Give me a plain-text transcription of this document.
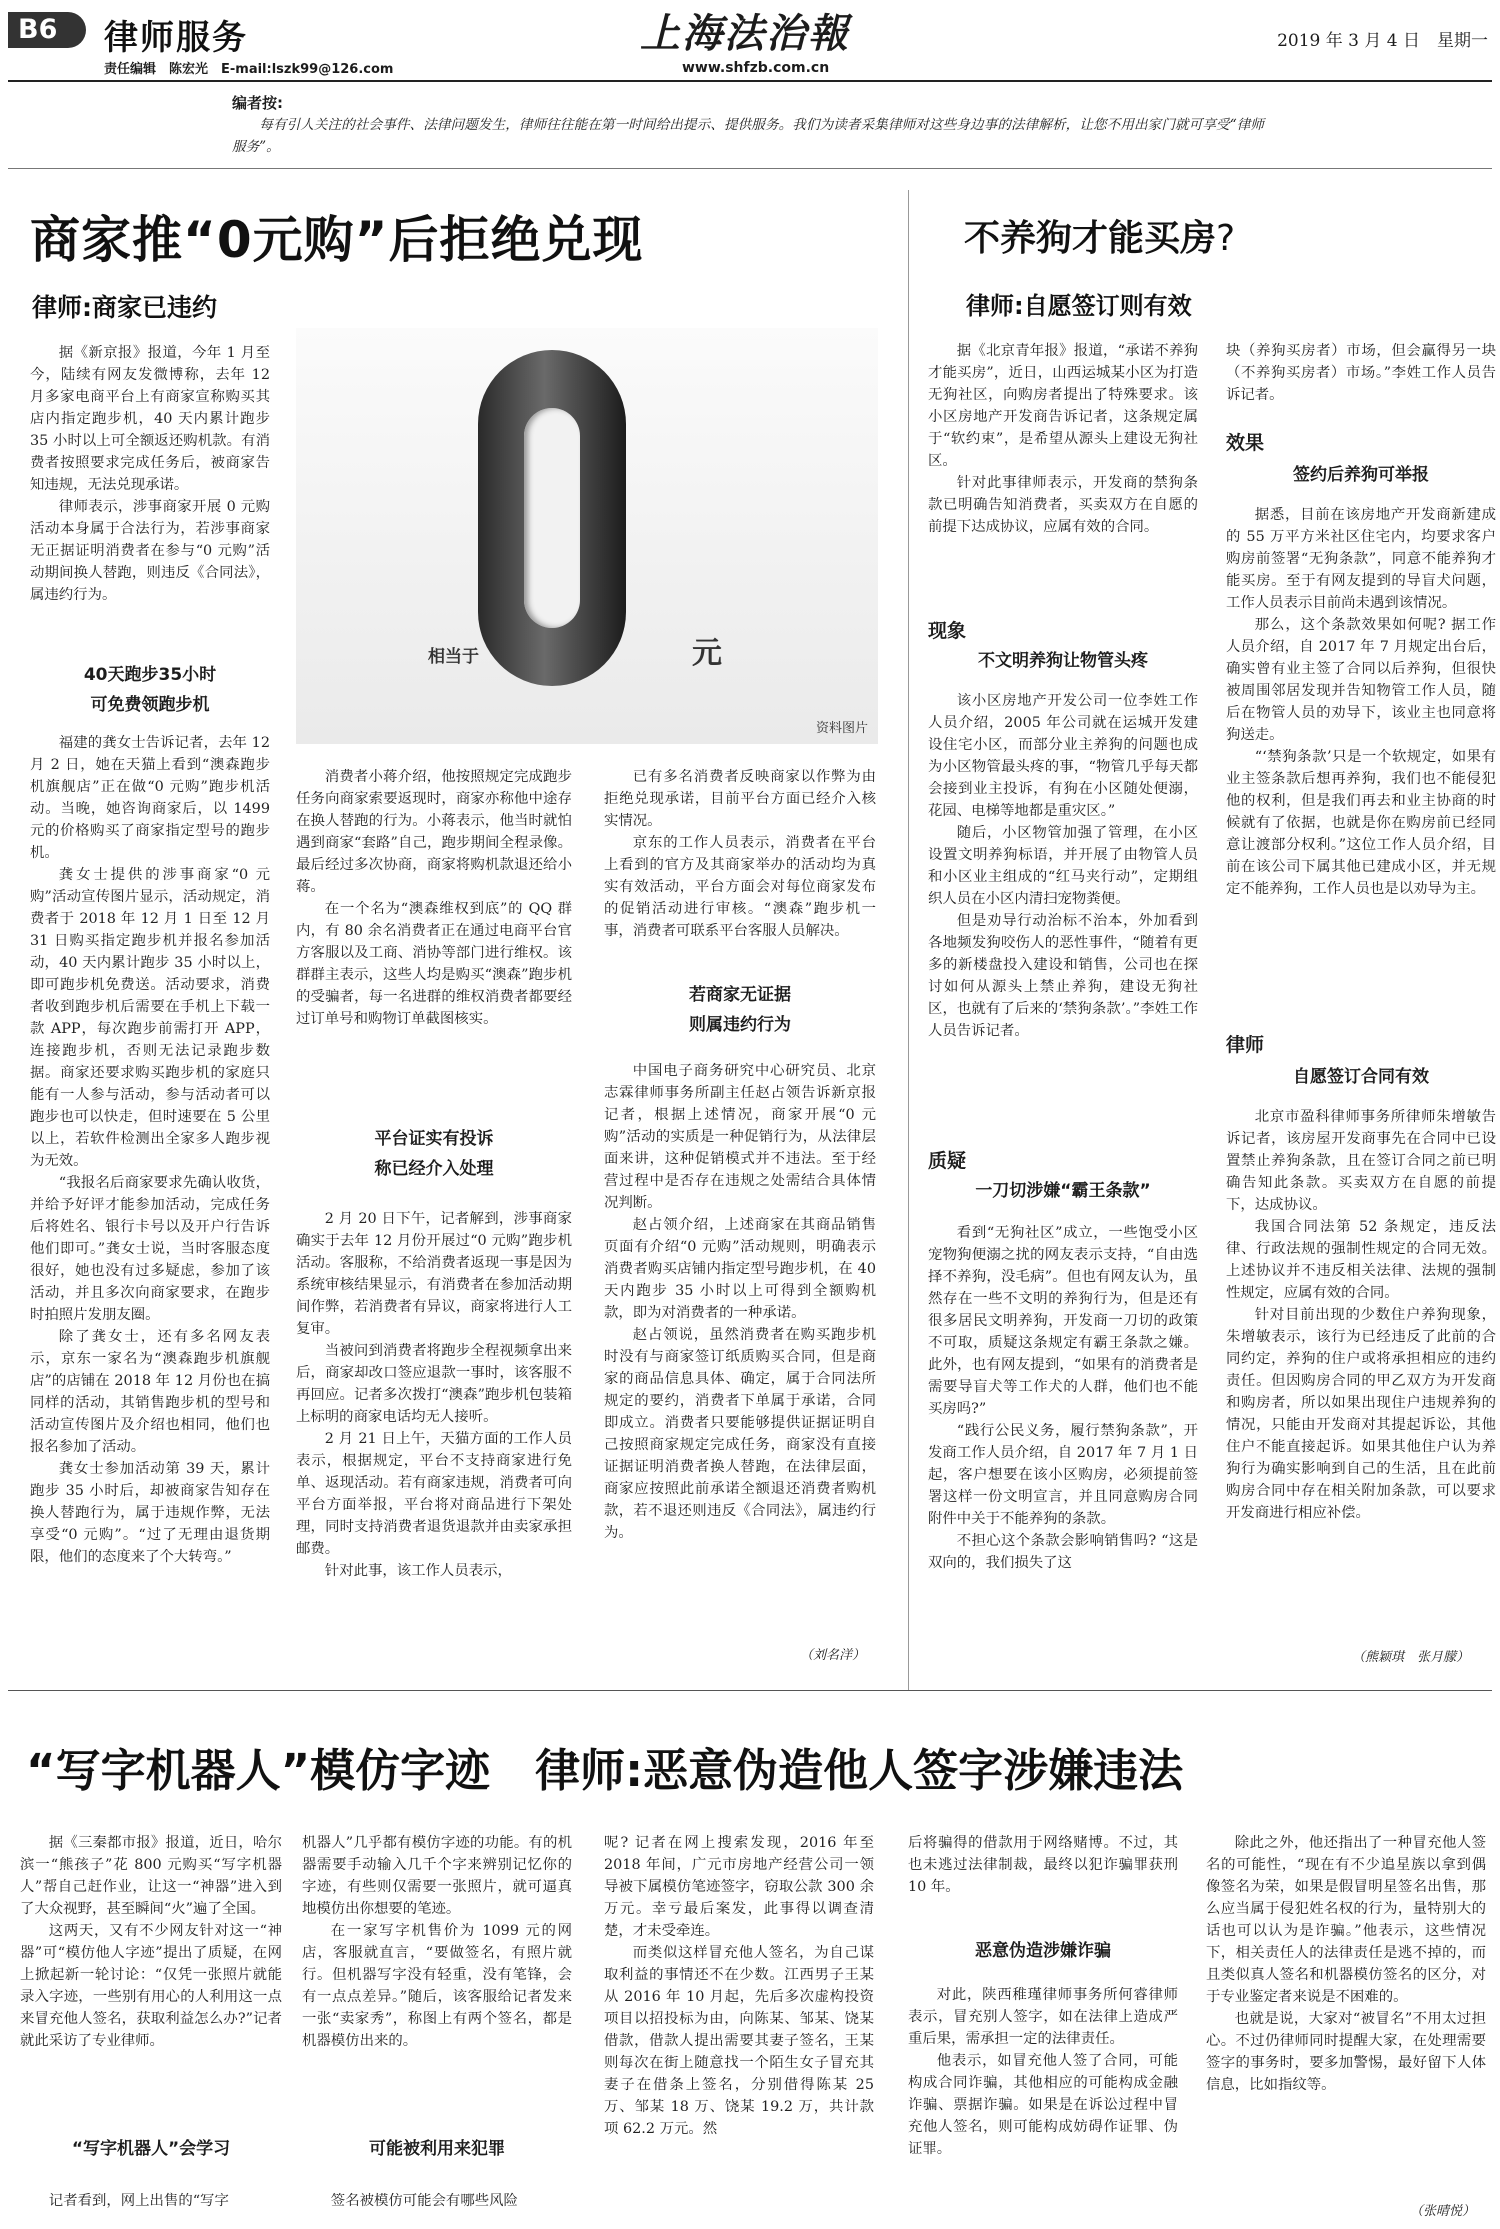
B6 律师服务
责任编辑　陈宏光　E-mail:lszk99@126.com
上海法治報
www.shfzb.com.cn
2019 年 3 月 4 日　星期一
编者按:
每有引人关注的社会事件、法律问题发生，律师往往能在第一时间给出提示、提供服务。我们为读者采集律师对这些身边事的法律解析，让您不用出家门就可享受“律师服务”。
商家推“0元购”后拒绝兑现
律师:商家已违约

据《新京报》报道，今年 1 月至今，陆续有网友发微博称，去年 12 月多家电商平台上有商家宣称购买其店内指定跑步机，40 天内累计跑步 35 小时以上可全额返还购机款。有消费者按照要求完成任务后，被商家告知违规，无法兑现承诺。

律师表示，涉事商家开展 0 元购活动本身属于合法行为，若涉事商家无正据证明消费者在参与“0 元购”活动期间换人替跑，则违反《合同法》，属违约行为。

40天跑步35小时
可免费领跑步机

福建的龚女士告诉记者，去年 12 月 2 日，她在天猫上看到“澳森跑步机旗舰店”正在做“0 元购”跑步机活动。当晚，她咨询商家后，以 1499 元的价格购买了商家指定型号的跑步机。

龚女士提供的涉事商家“0 元购”活动宣传图片显示，活动规定，消费者于 2018 年 12 月 1 日至 12 月 31 日购买指定跑步机并报名参加活动，40 天内累计跑步 35 小时以上，即可跑步机免费送。活动要求，消费者收到跑步机后需要在手机上下载一款 APP，每次跑步前需打开 APP，连接跑步机，否则无法记录跑步数据。商家还要求购买跑步机的家庭只能有一人参与活动，参与活动者可以跑步也可以快走，但时速要在 5 公里以上，若软件检测出全家多人跑步视为无效。

“我报名后商家要求先确认收货，并给予好评才能参加活动，完成任务后将姓名、银行卡号以及开户行告诉他们即可。”龚女士说，当时客服态度很好，她也没有过多疑虑，参加了该活动，并且多次向商家要求，在跑步时拍照片发朋友圈。

除了龚女士，还有多名网友表示，京东一家名为“澳森跑步机旗舰店”的店铺在 2018 年 12 月份也在搞同样的活动，其销售跑步机的型号和活动宣传图片及介绍也相同，他们也报名参加了活动。

龚女士参加活动第 39 天，累计跑步 35 小时后，却被商家告知存在换人替跑行为，属于违规作弊，无法享受“0 元购”。“过了无理由退货期限，他们的态度来了个大转弯。”

相当于	元
资料图片

消费者小蒋介绍，他按照规定完成跑步任务向商家索要返现时，商家亦称他中途存在换人替跑的行为。小蒋表示，他当时就怕遇到商家“套路”自己，跑步期间全程录像。最后经过多次协商，商家将购机款退还给小蒋。

在一个名为“澳森维权到底”的 QQ 群内，有 80 余名消费者正在通过电商平台官方客服以及工商、消协等部门进行维权。该群群主表示，这些人均是购买“澳森”跑步机的受骗者，每一名进群的维权消费者都要经过订单号和购物订单截图核实。

平台证实有投诉
称已经介入处理

2 月 20 日下午，记者解到，涉事商家确实于去年 12 月份开展过“0 元购”跑步机活动。客服称，不给消费者返现一事是因为系统审核结果显示，有消费者在参加活动期间作弊，若消费者有异议，商家将进行人工复审。

当被问到消费者将跑步全程视频拿出来后，商家却改口签应退款一事时，该客服不再回应。记者多次拨打“澳森”跑步机包装箱上标明的商家电话均无人接听。

2 月 21 日上午，天猫方面的工作人员表示，根据规定，平台不支持商家进行免单、返现活动。若有商家违规，消费者可向平台方面举报，平台将对商品进行下架处理，同时支持消费者退货退款并由卖家承担邮费。

针对此事，该工作人员表示，

已有多名消费者反映商家以作弊为由拒绝兑现承诺，目前平台方面已经介入核实情况。

京东的工作人员表示，消费者在平台上看到的官方及其商家举办的活动均为真实有效活动，平台方面会对每位商家发布的促销活动进行审核。“澳森”跑步机一事，消费者可联系平台客服人员解决。

若商家无证据
则属违约行为

中国电子商务研究中心研究员、北京志霖律师事务所副主任赵占领告诉新京报记者，根据上述情况，商家开展“0 元购”活动的实质是一种促销行为，从法律层面来讲，这种促销模式并不违法。至于经营过程中是否存在违规之处需结合具体情况判断。

赵占领介绍，上述商家在其商品销售页面有介绍“0 元购”活动规则，明确表示消费者购买店铺内指定型号跑步机，在 40 天内跑步 35 小时以上可得到全额购机款，即为对消费者的一种承诺。

赵占领说，虽然消费者在购买跑步机时没有与商家签订纸质购买合同，但是商家的商品信息具体、确定，属于合同法所规定的要约，消费者下单属于承诺，合同即成立。消费者只要能够提供证据证明自己按照商家规定完成任务，商家没有直接证据证明消费者换人替跑，在法律层面，商家应按照此前承诺全额退还消费者购机款，若不退还则违反《合同法》，属违约行为。

（刘名洋）
不养狗才能买房?
律师:自愿签订则有效

据《北京青年报》报道，“承诺不养狗才能买房”，近日，山西运城某小区为打造无狗社区，向购房者提出了特殊要求。该小区房地产开发商告诉记者，这条规定属于“软约束”，是希望从源头上建设无狗社区。

针对此事律师表示，开发商的禁狗条款已明确告知消费者，买卖双方在自愿的前提下达成协议，应属有效的合同。

现象
不文明养狗让物管头疼

该小区房地产开发公司一位李姓工作人员介绍，2005 年公司就在运城开发建设住宅小区，而部分业主养狗的问题也成为小区物管最头疼的事，“物管几乎每天都会接到业主投诉，有狗在小区随处便溺，花园、电梯等地都是重灾区。”

随后，小区物管加强了管理，在小区设置文明养狗标语，并开展了由物管人员和小区业主组成的“红马夹行动”，定期组织人员在小区内清扫宠物粪便。

但是劝导行动治标不治本，外加看到各地频发狗咬伤人的恶性事件，“随着有更多的新楼盘投入建设和销售，公司也在探讨如何从源头上禁止养狗，建设无狗社区，也就有了后来的‘禁狗条款’。”李姓工作人员告诉记者。

质疑
一刀切涉嫌“霸王条款”

看到“无狗社区”成立，一些饱受小区宠物狗便溺之扰的网友表示支持，“自由选择不养狗，没毛病”。但也有网友认为，虽然存在一些不文明的养狗行为，但是还有很多居民文明养狗，开发商一刀切的政策不可取，质疑这条规定有霸王条款之嫌。此外，也有网友提到，“如果有的消费者是需要导盲犬等工作犬的人群，他们也不能买房吗?”

“践行公民义务，履行禁狗条款”，开发商工作人员介绍，自 2017 年 7 月 1 日起，客户想要在该小区购房，必须提前签署这样一份文明宣言，并且同意购房合同附件中关于不能养狗的条款。

不担心这个条款会影响销售吗? “这是双向的，我们损失了这

块（养狗买房者）市场，但会赢得另一块（不养狗买房者）市场。”李姓工作人员告诉记者。

效果
签约后养狗可举报

据悉，目前在该房地产开发商新建成的 55 万平方米社区住宅内，均要求客户购房前签署“无狗条款”，同意不能养狗才能买房。至于有网友提到的导盲犬问题，工作人员表示目前尚未遇到该情况。

那么，这个条款效果如何呢? 据工作人员介绍，自 2017 年 7 月规定出台后，确实曾有业主签了合同以后养狗，但很快被周围邻居发现并告知物管工作人员，随后在物管人员的劝导下，该业主也同意将狗送走。

“‘禁狗条款’只是一个软规定，如果有业主签条款后想再养狗，我们也不能侵犯他的权利，但是我们再去和业主协商的时候就有了依据，也就是你在购房前已经同意让渡部分权利。”这位工作人员介绍，目前在该公司下属其他已建成小区，并无规定不能养狗，工作人员也是以劝导为主。

律师
自愿签订合同有效

北京市盈科律师事务所律师朱增敏告诉记者，该房屋开发商事先在合同中已设置禁止养狗条款，且在签订合同之前已明确告知此条款。买卖双方在自愿的前提下，达成协议。

我国合同法第 52 条规定，违反法律、行政法规的强制性规定的合同无效。上述协议并不违反相关法律、法规的强制性规定，应属有效的合同。

针对目前出现的少数住户养狗现象，朱增敏表示，该行为已经违反了此前的合同约定，养狗的住户或将承担相应的违约责任。但因购房合同的甲乙双方为开发商和购房者，所以如果出现住户违规养狗的情况，只能由开发商对其提起诉讼，其他住户不能直接起诉。如果其他住户认为养狗行为确实影响到自己的生活，且在此前购房合同中存在相关附加条款，可以要求开发商进行相应补偿。

（熊颖琪　张月朦）
“写字机器人”模仿字迹　律师:恶意伪造他人签字涉嫌违法

据《三秦都市报》报道，近日，哈尔滨一“熊孩子”花 800 元购买“写字机器人”帮自己赶作业，让这一“神器”进入到了大众视野，甚至瞬间“火”遍了全国。

这两天，又有不少网友针对这一“神器”可“模仿他人字迹”提出了质疑，在网上掀起新一轮讨论：“仅凭一张照片就能录入字迹，一些别有用心的人利用这一点来冒充他人签名，获取利益怎么办?”记者就此采访了专业律师。

“写字机器人”会学习

记者看到，网上出售的“写字

机器人”几乎都有模仿字迹的功能。有的机器需要手动输入几千个字来辨别记忆你的字迹，有些则仅需要一张照片，就可逼真地模仿出你想要的笔迹。

在一家写字机售价为 1099 元的网店，客服就直言，“要做签名，有照片就行。但机器写字没有轻重，没有笔锋，会有一点点差异。”随后，该客服给记者发来一张“卖家秀”，称图上有两个签名，都是机器模仿出来的。

可能被利用来犯罪

签名被模仿可能会有哪些风险

呢? 记者在网上搜索发现，2016 年至 2018 年间，广元市房地产经营公司一领导被下属模仿笔迹签字，窃取公款 300 余万元。幸亏最后案发，此事得以调查清楚，才未受牵连。

而类似这样冒充他人签名，为自己谋取利益的事情还不在少数。江西男子王某从 2016 年 10 月起，先后多次虚构投资项目以招投标为由，向陈某、邹某、饶某借款，借款人提出需要其妻子签名，王某则每次在街上随意找一个陌生女子冒充其妻子在借条上签名，分别借得陈某 25 万、邹某 18 万、饶某 19.2 万，共计款项 62.2 万元。然

后将骗得的借款用于网络赌博。不过，其也未逃过法律制裁，最终以犯诈骗罪获刑 10 年。

恶意伪造涉嫌诈骗

对此，陕西稚瑾律师事务所何睿律师表示，冒充别人签字，如在法律上造成严重后果，需承担一定的法律责任。

他表示，如冒充他人签了合同，可能构成合同诈骗，其他相应的可能构成金融诈骗、票据诈骗。如果是在诉讼过程中冒充他人签名，则可能构成妨碍作证罪、伪证罪。

除此之外，他还指出了一种冒充他人签名的可能性，“现在有不少追星族以拿到偶像签名为荣，如果是假冒明星签名出售，那么应当属于侵犯姓名权的行为，量特别大的话也可以认为是诈骗。”他表示，这些情况下，相关责任人的法律责任是逃不掉的，而且类似真人签名和机器模仿签名的区分，对于专业鉴定者来说是不困难的。

也就是说，大家对“被冒名”不用太过担心。不过仍律师同时提醒大家，在处理需要签字的事务时，要多加警惕，最好留下人体信息，比如指纹等。

（张晴悦）
